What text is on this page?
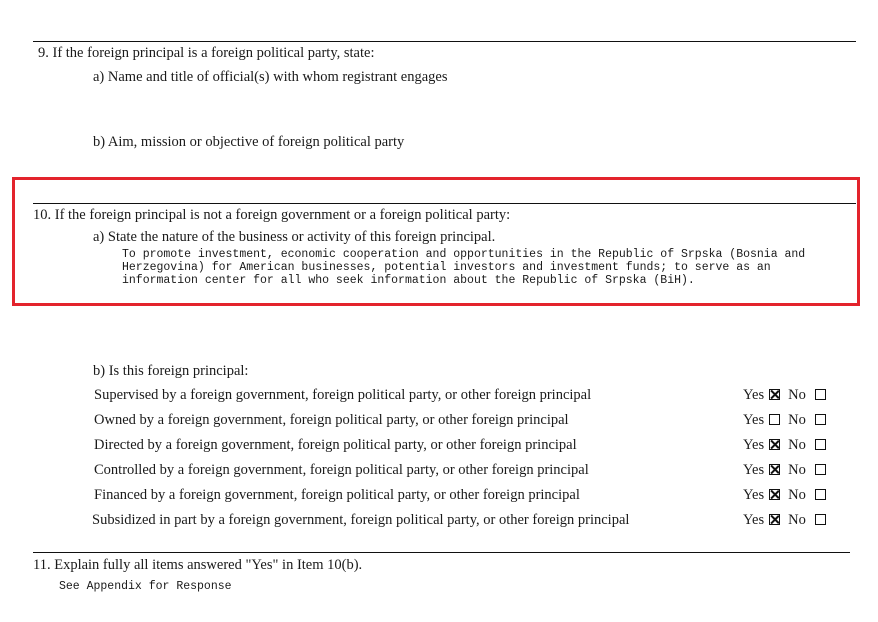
9. If the foreign principal is a foreign political party, state:
a) Name and title of official(s) with whom registrant engages
b) Aim, mission or objective of foreign political party
10. If the foreign principal is not a foreign government or a foreign political party:
a) State the nature of the business or activity of this foreign principal.
To promote investment, economic cooperation and opportunities in the Republic of Srpska (Bosnia and
Herzegovina) for American businesses, potential investors and investment funds; to serve as an
information center for all who seek information about the Republic of Srpska (BiH).
b) Is this foreign principal:
Supervised by a foreign government, foreign political party, or other foreign principal	Yes No
Owned by a foreign government, foreign political party, or other foreign principal	Yes No
Directed by a foreign government, foreign political party, or other foreign principal	Yes No
Controlled by a foreign government, foreign political party, or other foreign principal	Yes No
Financed by a foreign government, foreign political party, or other foreign principal	Yes No
Subsidized in part by a foreign government, foreign political party, or other foreign principal	Yes No
11. Explain fully all items answered "Yes" in Item 10(b).
See Appendix for Response
